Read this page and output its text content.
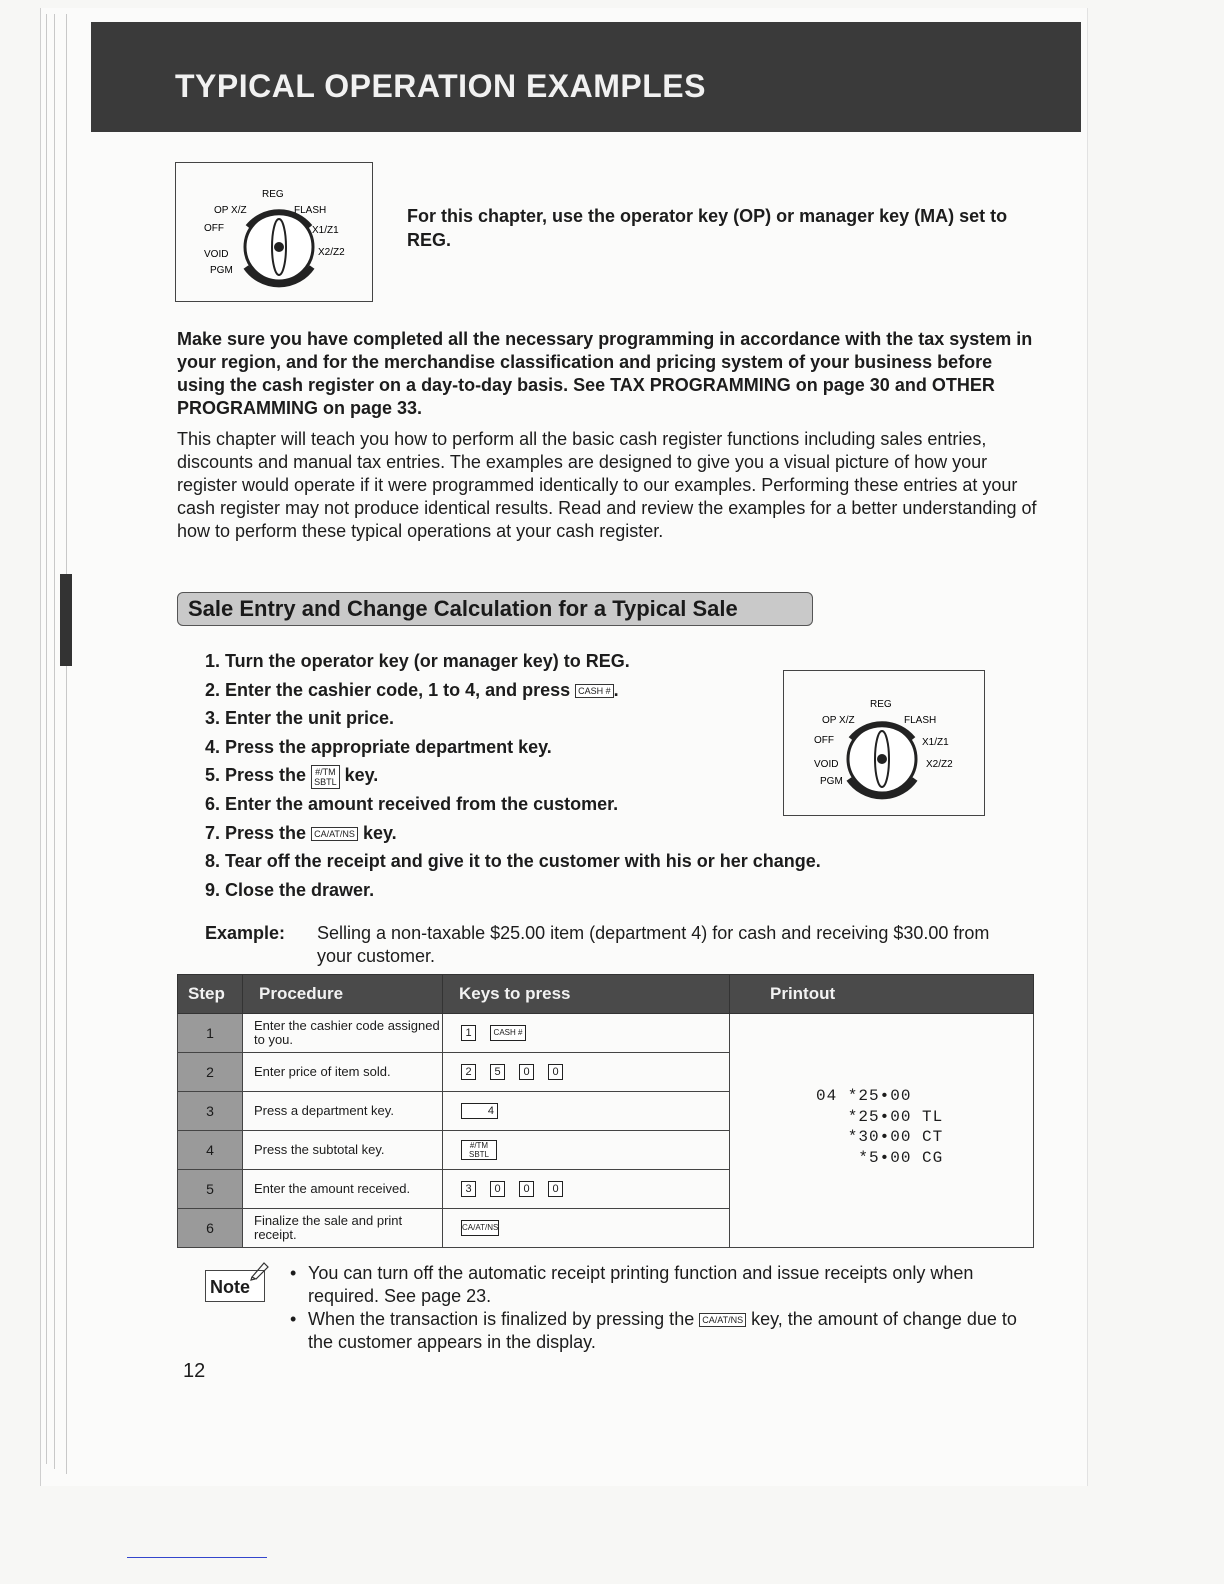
TYPICAL OPERATION EXAMPLES
REG
OP X/Z	FLASH
OFF	X1/Z1
VOID	X2/Z2
PGM
For this chapter, use the operator key (OP) or manager key (MA) set to REG.
Make sure you have completed all the necessary programming in accordance with the tax system in your region, and for the merchandise classification and pricing system of your business before using the cash register on a day-to-day basis. See TAX PROGRAMMING on page 30 and OTHER PROGRAMMING on page 33.
This chapter will teach you how to perform all the basic cash register functions including sales entries, discounts and manual tax entries. The examples are designed to give you a visual picture of how your register would operate if it were programmed identically to our examples. Performing these entries at your cash register may not produce identical results. Read and review the examples for a better understanding of how to perform these typical operations at your cash register.
Sale Entry and Change Calculation for a Typical Sale
1. Turn the operator key (or manager key) to REG.
2. Enter the cashier code, 1 to 4, and press CASH # .
3. Enter the unit price.
4. Press the appropriate department key.
5. Press the #/TM
SBTL key.
6. Enter the amount received from the customer.
7. Press the CA/AT/NS key.
8. Tear off the receipt and give it to the customer with his or her change.
9. Close the drawer.
REG
OP X/Z	FLASH
OFF	X1/Z1
VOID	X2/Z2
PGM
Example: Selling a non-taxable $25.00 item (department 4) for cash and receiving $30.00 from your customer.
Step	Procedure	Keys to press	Printout
1	Enter the cashier code assigned to you.	1 CASH #	04 *25•00
*25•00 TL
*30•00 CT
*5•00 CG

2	Enter price of item sold.	2 5 0 0	
3	Press a department key.	4	
4	Press the subtotal key.	#/TM
SBTL	
5	Enter the amount received.	3 0 0 0	
6	Finalize the sale and print receipt.	CA/AT/NS	
Note
• You can turn off the automatic receipt printing function and issue receipts only when required. See page 23.
• When the transaction is finalized by pressing the CA/AT/NS key, the amount of change due to the customer appears in the display.
12
